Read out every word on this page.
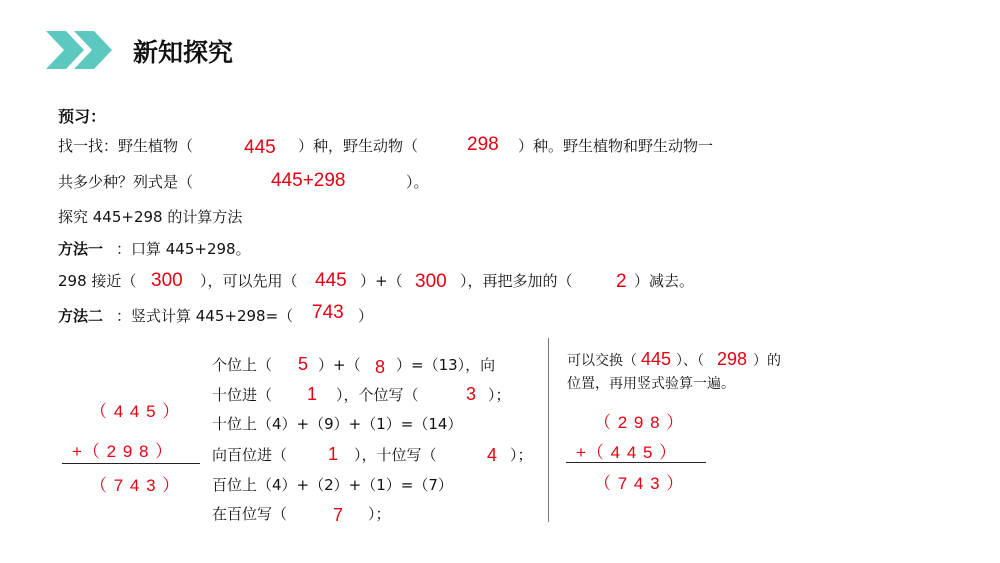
新知探究
预习：
找一找：野生植物（	445 ）种，野生动物（	298 ）种。野生植物和野生动物一
共多少种？列式是（	445+298	）。
探究 445+298 的计算方法
方法一 ：口算 445+298。
298 接近（ 300 ），可以先用（ 445 ）+（ 300 ），再把多加的（ 2 ）减去。
方法二 ：竖式计算 445+298=（ 743 ）
（ 4 4 5 ）
+（ 2 9 8 ）
（ 7 4 3 ）
个位上（ 5 ）+（ 8 ）=（13），向
十位进（ 1 ），个位写（	3 ）；
十位上（4）+（9）+（1）=（14）
向百位进（ 1 ），十位写（	4 ）；
百位上（4）+（2）+（1）=（7）
在百位写（	7 ）；
可以交换（ 445 ）、（ 298 ）的
位置，再用竖式验算一遍。
（ 2 9 8 ）
+（ 4 4 5 ）
（ 7 4 3 ）
